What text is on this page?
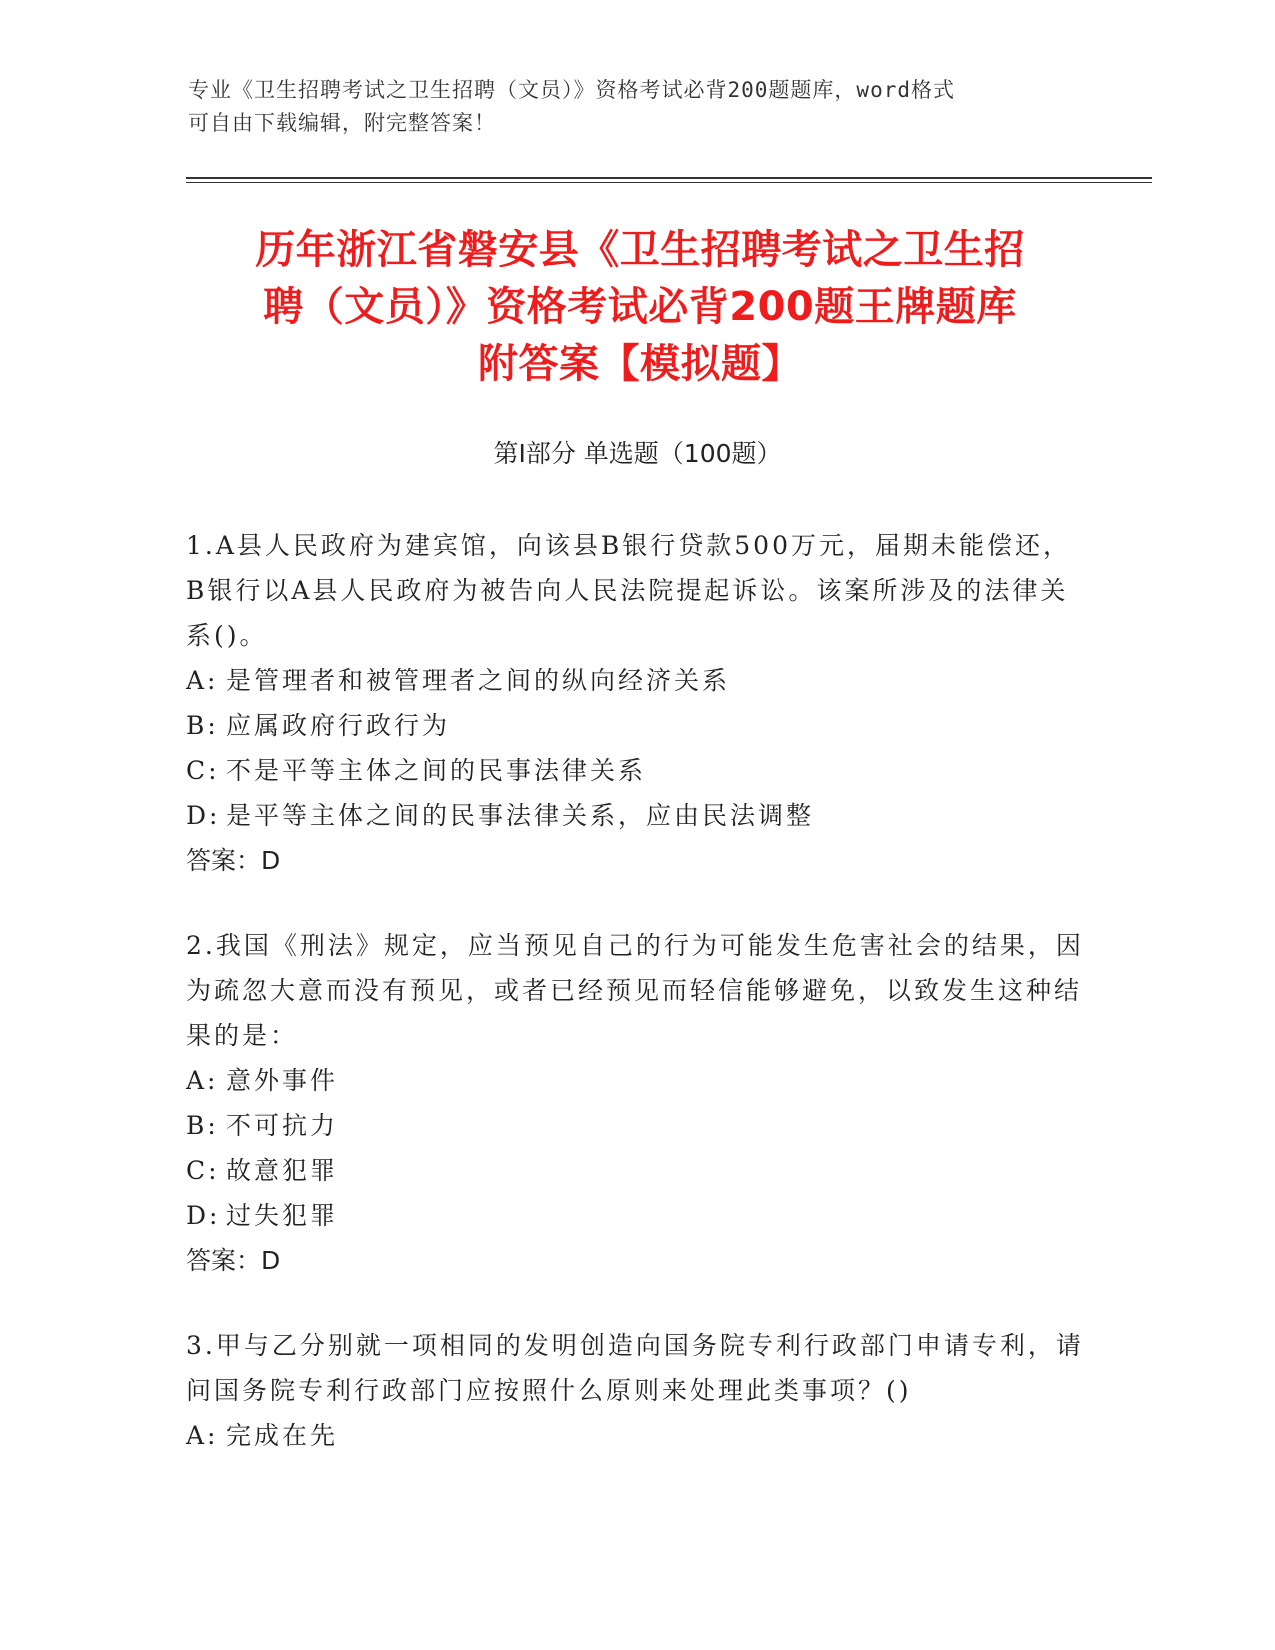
专业《卫生招聘考试之卫生招聘（文员）》资格考试必背200题题库，word格式
可自由下载编辑，附完整答案！
历年浙江省磐安县《卫生招聘考试之卫生招
聘（文员）》资格考试必背200题王牌题库
附答案【模拟题】
第Ⅰ部分 单选题（100题）

1.A县人民政府为建宾馆，向该县B银行贷款500万元，届期未能偿还，B银行以A县人民政府为被告向人民法院提起诉讼。该案所涉及的法律关系()。

A: 是管理者和被管理者之间的纵向经济关系

B: 应属政府行政行为

C: 不是平等主体之间的民事法律关系

D: 是平等主体之间的民事法律关系，应由民法调整

答案：D

2.我国《刑法》规定，应当预见自己的行为可能发生危害社会的结果，因为疏忽大意而没有预见，或者已经预见而轻信能够避免，以致发生这种结果的是：

A: 意外事件

B: 不可抗力

C: 故意犯罪

D: 过失犯罪

答案：D

3.甲与乙分别就一项相同的发明创造向国务院专利行政部门申请专利，请问国务院专利行政部门应按照什么原则来处理此类事项？()

A: 完成在先
